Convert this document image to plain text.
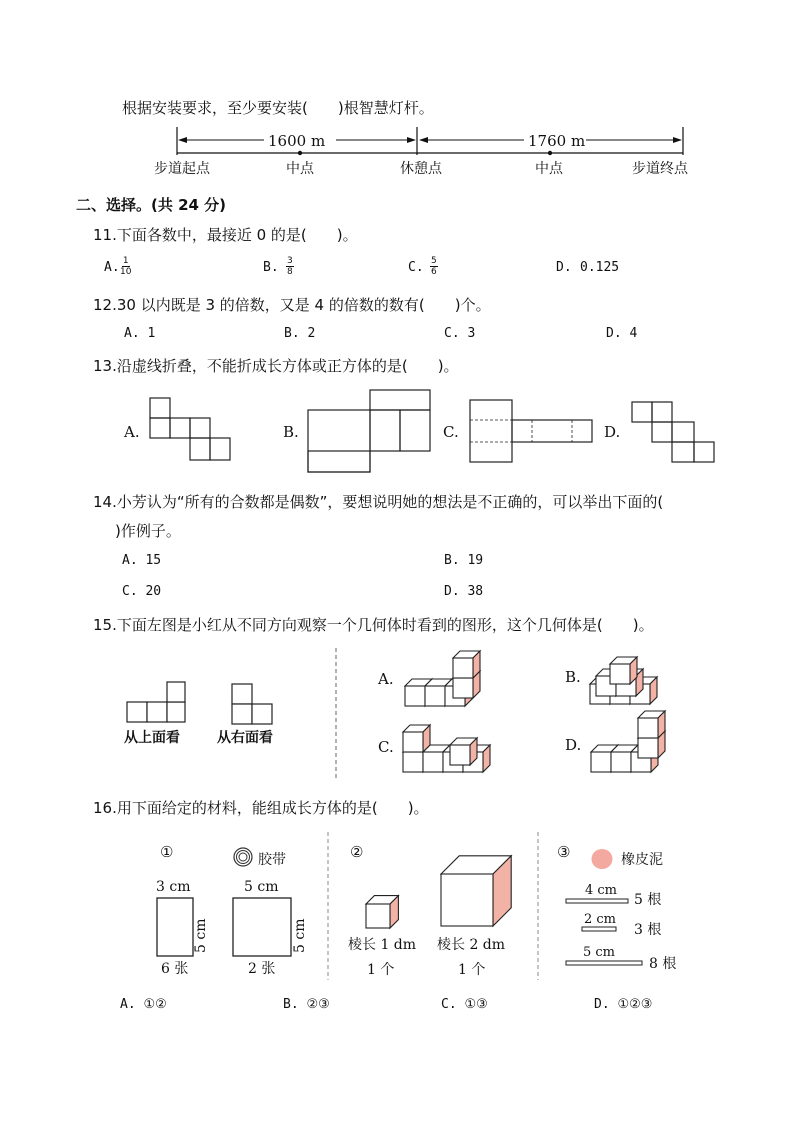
根据安装要求，至少要安装(　　)根智慧灯杆。
1600 m	1760 m
步道起点	中点	休憩点	中点	步道终点
二、选择。(共 24 分)
11.下面各数中，最接近 0 的是(　　)。
A. $\frac{1}{10}$	B. $\frac{3}{8}$	C. $\frac{5}{6}$	D. 0.125
12.30 以内既是 3 的倍数，又是 4 的倍数的数有(　　)个。
A. 1	B. 2	C. 3	D. 4
13.沿虚线折叠，不能折成长方体或正方体的是(　　)。
A.	B.	C.	D.
14.小芳认为“所有的合数都是偶数”，要想说明她的想法是不正确的，可以举出下面的(
)作例子。
A. 15	B. 19
C. 20	D. 38
15.下面左图是小红从不同方向观察一个几何体时看到的图形，这个几何体是(　　)。
从上面看	从右面看
A.	B.
C.	D.
16.用下面给定的材料，能组成长方体的是(　　)。
①	胶带
3 cm
5 cm
6 张
5 cm
5 cm
2 张
②
棱长 1 dm
1 个
棱长 2 dm
1 个
③	橡皮泥
4 cm
5 根
2 cm
3 根
5 cm
8 根
A. ①②	B. ②③	C. ①③	D. ①②③
